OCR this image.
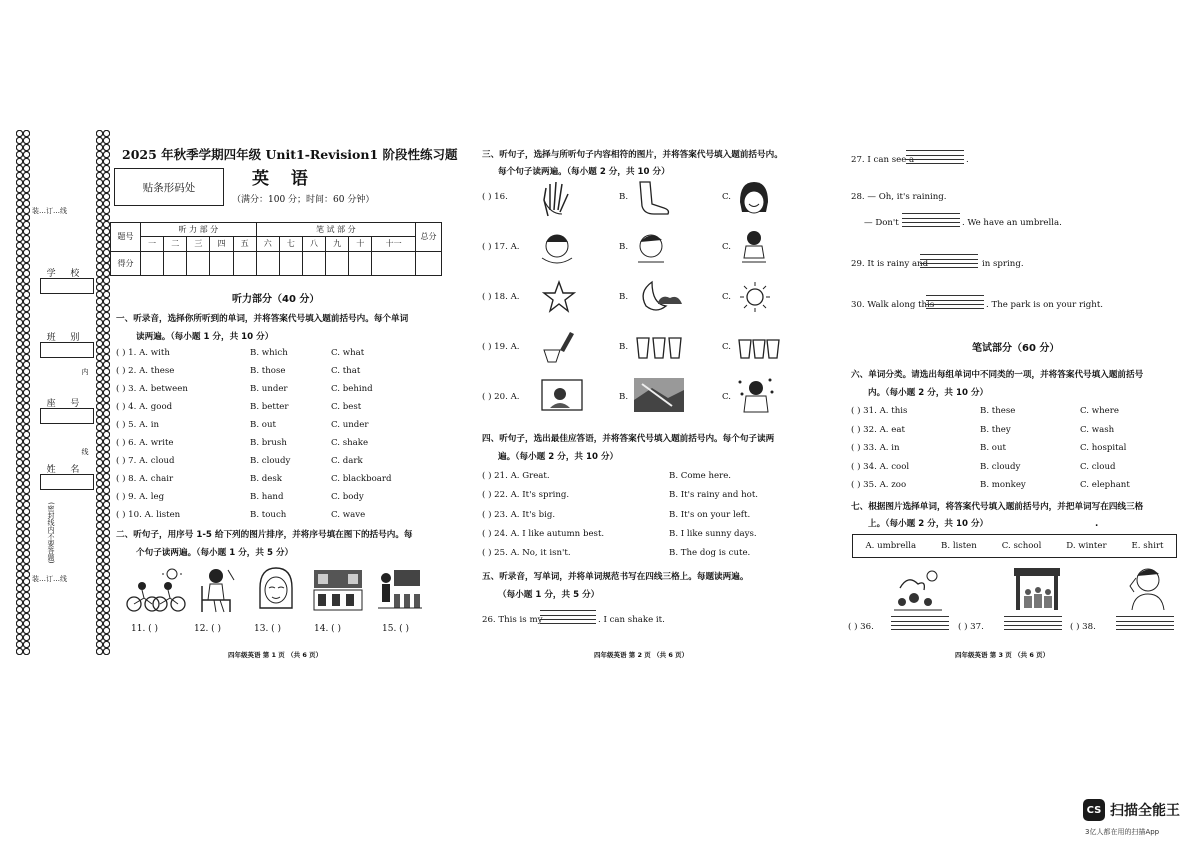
装…订…线
学 校
班 别
座 号
姓 名
(密封线内不要答题)
内
线
装…订…线
2025 年秋季学期四年级 Unit1-Revision1 阶段性练习题
贴条形码处	英 语
（满分：100 分；时间：60 分钟）
题号	听 力 部 分					笔 试 部 分						总分
	一	二	三	四	五	六	七	八	九	十	十一	
得分												
听力部分（40 分）
一、听录音，选择你所听到的单词，并将答案代号填入题前括号内。每个单词
读两遍。（每小题 1 分，共 10 分）
( ) 1. A. with	B. which	C. what
( ) 2. A. these	B. those	C. that
( ) 3. A. between	B. under	C. behind
( ) 4. A. good	B. better	C. best
( ) 5. A. in	B. out	C. under
( ) 6. A. write	B. brush	C. shake
( ) 7. A. cloud	B. cloudy	C. dark
( ) 8. A. chair	B. desk	C. blackboard
( ) 9. A. leg	B. hand	C. body
( ) 10. A. listen	B. touch	C. wave
二、听句子，用序号 1-5 给下列的图片排序，并将序号填在图下的括号内。每
个句子读两遍。（每小题 1 分，共 5 分）
11. ( )	12. ( )	13. ( )	14. ( )	15. ( )
四年级英语 第 1 页 （共 6 页）
三、听句子，选择与所听句子内容相符的图片，并将答案代号填入题前括号内。
每个句子读两遍。（每小题 2 分，共 10 分）
( ) 16.	B.	C.
( ) 17. A.	B.	C.
( ) 18. A.	B.	C.
( ) 19. A.	B.	C.
( ) 20. A.	B.	C.
四、听句子，选出最佳应答语，并将答案代号填入题前括号内。每个句子读两
遍。（每小题 2 分，共 10 分）
( ) 21. A. Great.	B. Come here.
( ) 22. A. It's spring.	B. It's rainy and hot.
( ) 23. A. It's big.	B. It's on your left.
( ) 24. A. I like autumn best.	B. I like sunny days.
( ) 25. A. No, it isn't.	B. The dog is cute.
五、听录音，写单词，并将单词规范书写在四线三格上。每题读两遍。
（每小题 1 分，共 5 分）
26. This is my	. I can shake it.
四年级英语 第 2 页 （共 6 页）
27. I can see a	.
28. — Oh, it's raining.
— Don't	. We have an umbrella.
29. It is rainy and	in spring.
30. Walk along this	. The park is on your right.
笔试部分（60 分）
六、单词分类。请选出每组单词中不同类的一项，并将答案代号填入题前括号
内。（每小题 2 分，共 10 分）
( ) 31. A. this	B. these	C. where
( ) 32. A. eat	B. they	C. wash
( ) 33. A. in	B. out	C. hospital
( ) 34. A. cool	B. cloudy	C. cloud
( ) 35. A. zoo	B. monkey	C. elephant
七、根据图片选择单词，将答案代号填入题前括号内，并把单词写在四线三格
上。（每小题 2 分，共 10 分）	.
A. umbrella	B. listen	C. school	D. winter	E. shirt
( ) 36.	( ) 37.	( ) 38.
四年级英语 第 3 页 （共 6 页）
CS 扫描全能王
3亿人都在用的扫描App
